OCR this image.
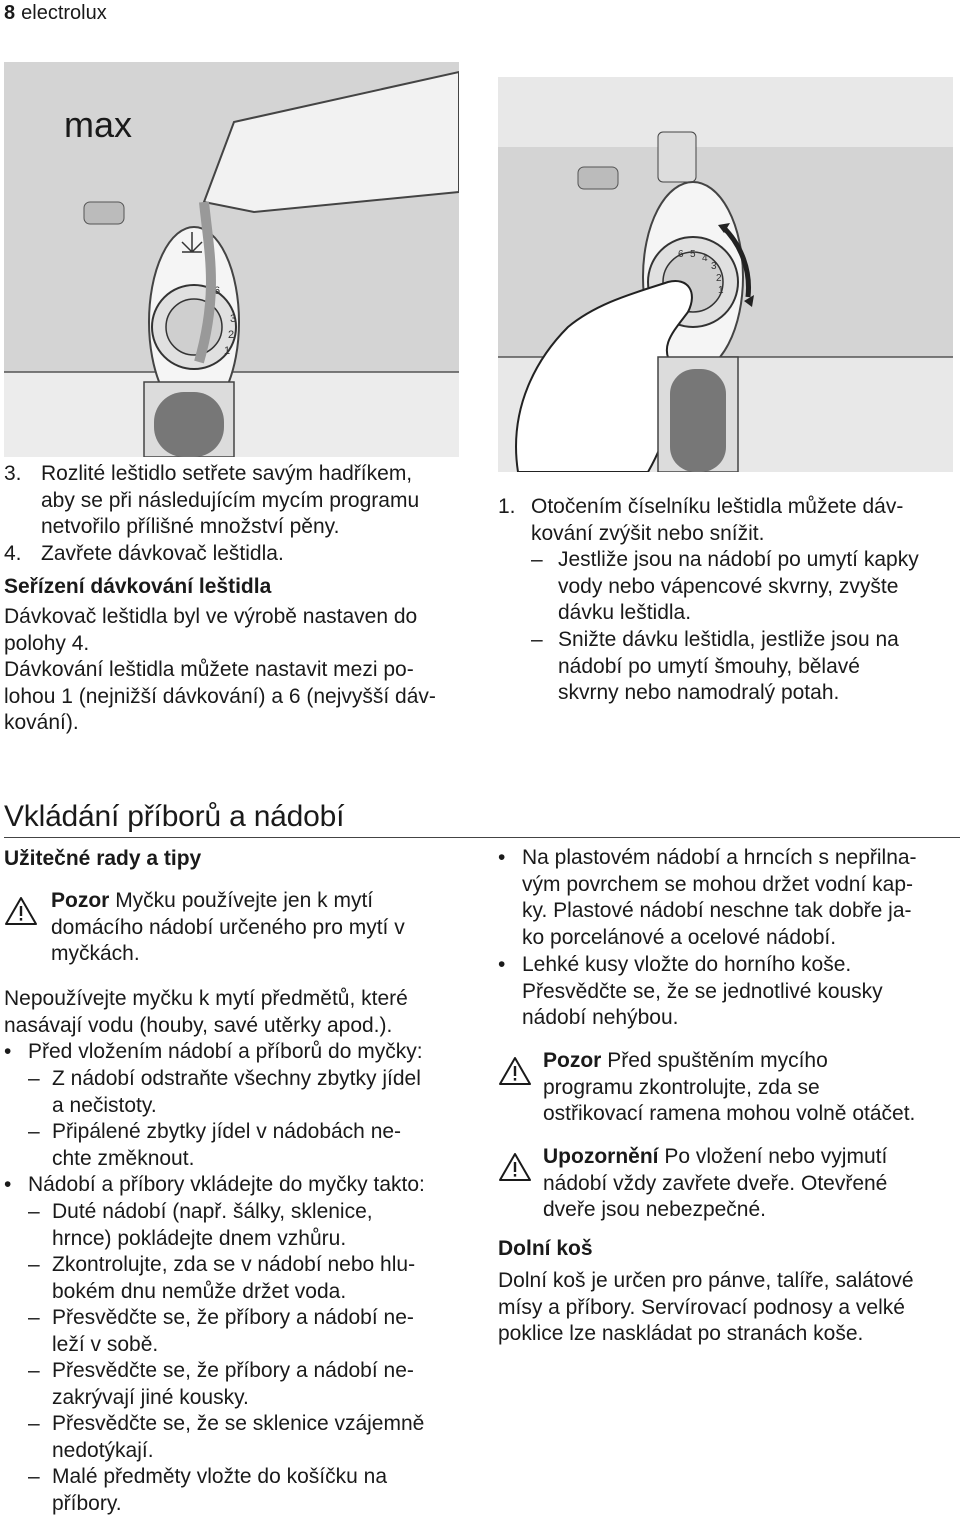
8 electrolux
6
3
2
1
max
6 5 4
3
2
1
3. Rozlité leštidlo setřete savým hadříkem,
aby se při následujícím mycím programu
netvořilo přílišné množství pěny.
4. Zavřete dávkovač leštidla.
Seřízení dávkování leštidla
Dávkovač leštidla byl ve výrobě nastaven do
polohy 4.
Dávkování leštidla můžete nastavit mezi po-
lohou 1 (nejnižší dávkování) a 6 (nejvyšší dáv-
kování).
1. Otočením číselníku leštidla můžete dáv-
kování zvýšit nebo snížit.
– Jestliže jsou na nádobí po umytí kapky
vody nebo vápencové skvrny, zvyšte
dávku leštidla.
– Snižte dávku leštidla, jestliže jsou na
nádobí po umytí šmouhy, bělavé
skvrny nebo namodralý potah.
Vkládání příborů a nádobí
Užitečné rady a tipy
Pozor Myčku používejte jen k mytí
domácího nádobí určeného pro mytí v
myčkách.
Nepoužívejte myčku k mytí předmětů, které
nasávají vodu (houby, savé utěrky apod.).
• Před vložením nádobí a příborů do myčky:
– Z nádobí odstraňte všechny zbytky jídel
a nečistoty.
– Připálené zbytky jídel v nádobách ne-
chte změknout.
• Nádobí a příbory vkládejte do myčky takto:
– Duté nádobí (např. šálky, sklenice,
hrnce) pokládejte dnem vzhůru.
– Zkontrolujte, zda se v nádobí nebo hlu-
bokém dnu nemůže držet voda.
– Přesvědčte se, že příbory a nádobí ne-
leží v sobě.
– Přesvědčte se, že příbory a nádobí ne-
zakrývají jiné kousky.
– Přesvědčte se, že se sklenice vzájemně
nedotýkají.
– Malé předměty vložte do košíčku na
příbory.
• Na plastovém nádobí a hrncích s nepřilna-
vým povrchem se mohou držet vodní kap-
ky. Plastové nádobí neschne tak dobře ja-
ko porcelánové a ocelové nádobí.
• Lehké kusy vložte do horního koše.
Přesvědčte se, že se jednotlivé kousky
nádobí nehýbou.
Pozor Před spuštěním mycího
programu zkontrolujte, zda se
ostřikovací ramena mohou volně otáčet.
Upozornění Po vložení nebo vyjmutí
nádobí vždy zavřete dveře. Otevřené
dveře jsou nebezpečné.
Dolní koš
Dolní koš je určen pro pánve, talíře, salátové
mísy a příbory. Servírovací podnosy a velké
poklice lze naskládat po stranách koše.
